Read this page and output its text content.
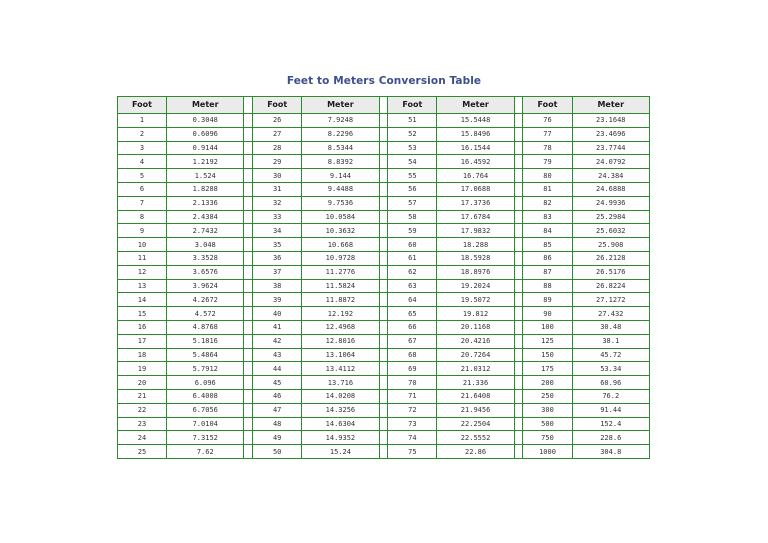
Feet to Meters Conversion Table
Foot	Meter		Foot	Meter		Foot	Meter		Foot	Meter
1	0.3048		26	7.9248		51	15.5448		76	23.1648
2	0.6096		27	8.2296		52	15.8496		77	23.4696
3	0.9144		28	8.5344		53	16.1544		78	23.7744
4	1.2192		29	8.8392		54	16.4592		79	24.0792
5	1.524		30	9.144		55	16.764		80	24.384
6	1.8288		31	9.4488		56	17.0688		81	24.6888
7	2.1336		32	9.7536		57	17.3736		82	24.9936
8	2.4384		33	10.0584		58	17.6784		83	25.2984
9	2.7432		34	10.3632		59	17.9832		84	25.6032
10	3.048		35	10.668		60	18.288		85	25.908
11	3.3528		36	10.9728		61	18.5928		86	26.2128
12	3.6576		37	11.2776		62	18.8976		87	26.5176
13	3.9624		38	11.5824		63	19.2024		88	26.8224
14	4.2672		39	11.8872		64	19.5072		89	27.1272
15	4.572		40	12.192		65	19.812		90	27.432
16	4.8768		41	12.4968		66	20.1168		100	30.48
17	5.1816		42	12.8016		67	20.4216		125	38.1
18	5.4864		43	13.1064		68	20.7264		150	45.72
19	5.7912		44	13.4112		69	21.0312		175	53.34
20	6.096		45	13.716		70	21.336		200	60.96
21	6.4008		46	14.0208		71	21.6408		250	76.2
22	6.7056		47	14.3256		72	21.9456		300	91.44
23	7.0104		48	14.6304		73	22.2504		500	152.4
24	7.3152		49	14.9352		74	22.5552		750	228.6
25	7.62		50	15.24		75	22.86		1000	304.8
